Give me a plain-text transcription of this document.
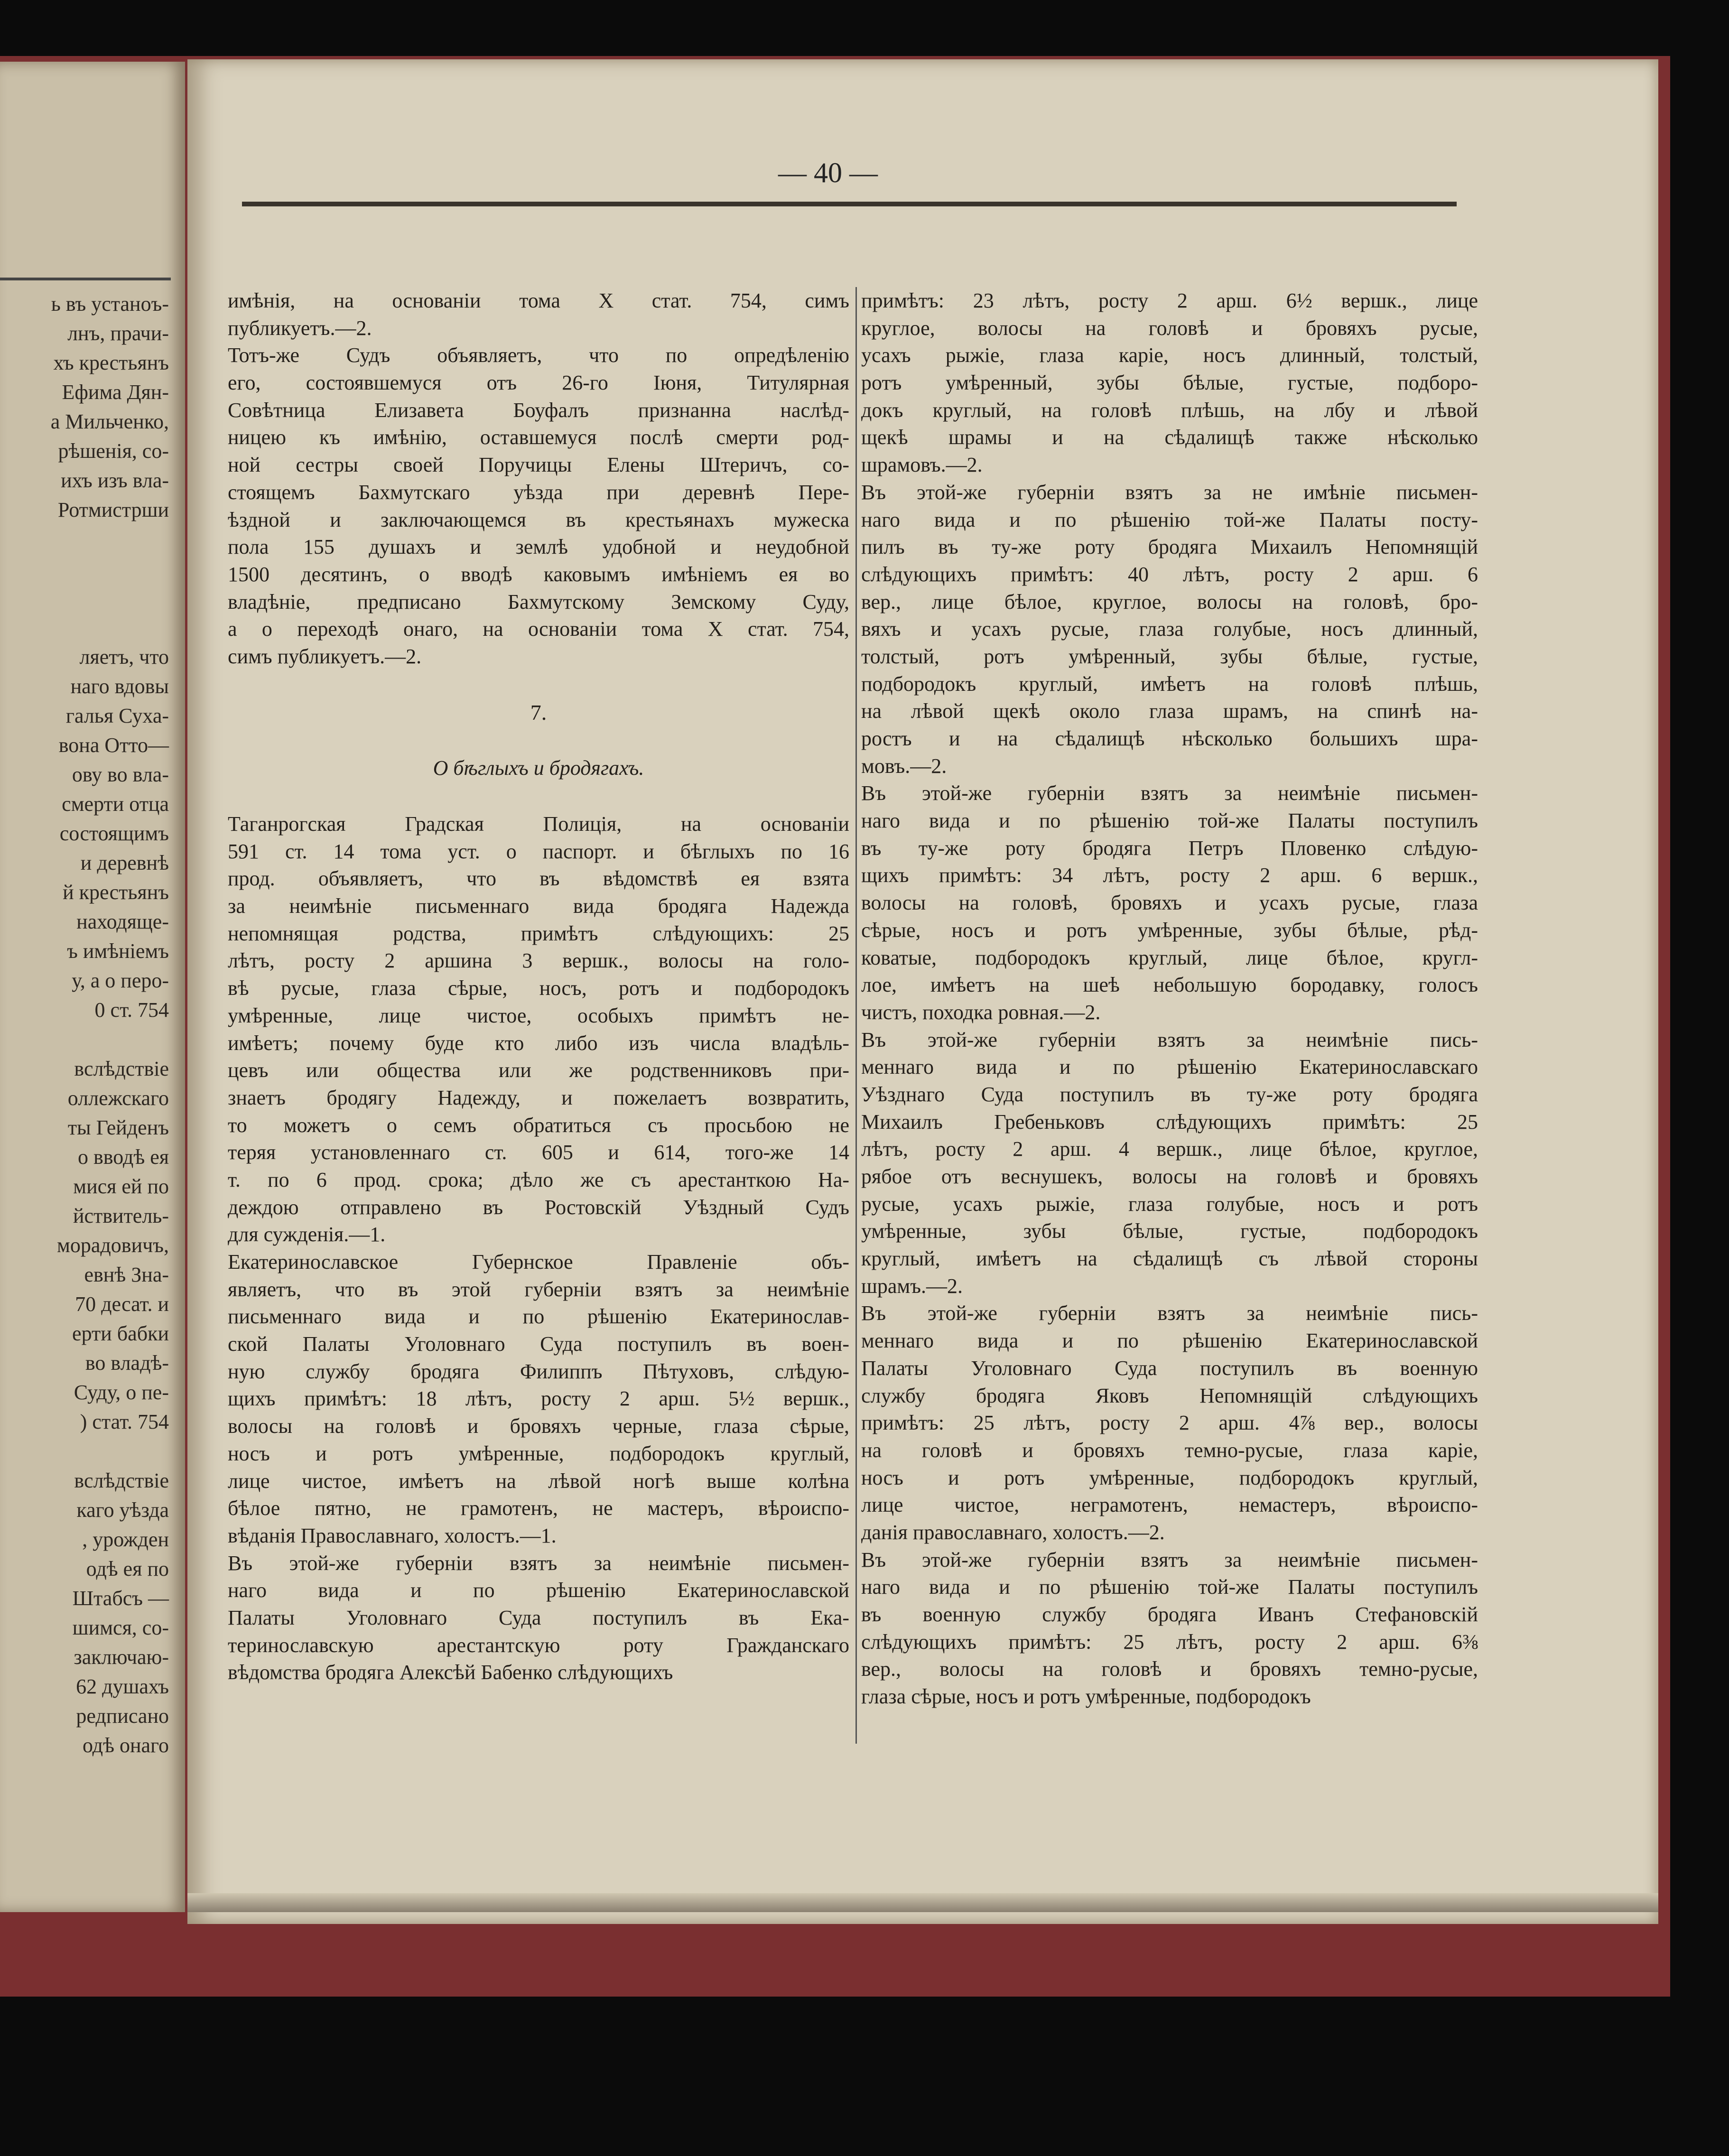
ь въ устаноъ-
лнъ, прачи-
хъ крестьянъ
Ефима Дян-
а Мильченко,
рѣшенія, со-
ихъ изъ вла-
Ротмистрши
ляетъ, что
наго вдовы
галья Суха-
вона Отто—
ову во вла-
смерти отца
состоящимъ
и деревнѣ
й крестьянъ
находяще-
ъ имѣніемъ
у, а о перо-
0 ст. 754
вслѣдствіе
оллежскаго
ты Гейденъ
о вводѣ ея
мися ей по
йствитель-
морадовичъ,
евнѣ Зна-
70 десат. и
ерти бабки
во владѣ-
Суду, о пе-
) стат. 754
вслѣдствіе
каго уѣзда
, урожден
одѣ ея по
Штабсъ —
шимся, со-
заключаю-
62 душахъ
редписано
одѣ онаго
— 40 —
имѣнія, на основаніи тома X стат. 754, симъ
публикуетъ.—2.
Тотъ-же Судъ объявляетъ, что по опредѣленію
его, состоявшемуся отъ 26-го Іюня, Титулярная
Совѣтница Елизавета Боуфалъ признанна наслѣд-
ницею къ имѣнію, оставшемуся послѣ смерти род-
ной сестры своей Поручицы Елены Штеричъ, со-
стоящемъ Бахмутскаго уѣзда при деревнѣ Пере-
ѣздной и заключающемся въ крестьянахъ мужеска
пола 155 душахъ и землѣ удобной и неудобной
1500 десятинъ, о вводѣ каковымъ имѣніемъ ея во
владѣніе, предписано Бахмутскому Земскому Суду,
а о переходѣ онаго, на основаніи тома X стат. 754,
симъ публикуетъ.—2.
7.
О бѣглыхъ и бродягахъ.
Таганрогская Градская Полиція, на основаніи
591 ст. 14 тома уст. о паспорт. и бѣглыхъ по 16
прод. объявляетъ, что въ вѣдомствѣ ея взята
за неимѣніе письменнаго вида бродяга Надежда
непомнящая родства, примѣтъ слѣдующихъ: 25
лѣтъ, росту 2 аршина 3 вершк., волосы на голо-
вѣ русые, глаза сѣрые, носъ, ротъ и подбородокъ
умѣренные, лице чистое, особыхъ примѣтъ не-
имѣетъ; почему буде кто либо изъ числа владѣль-
цевъ или общества или же родственниковъ при-
знаетъ бродягу Надежду, и пожелаетъ возвратить,
то можетъ о семъ обратиться съ просьбою не
теряя установленнаго ст. 605 и 614, того-же 14
т. по 6 прод. срока; дѣло же съ арестанткою На-
деждою отправлено въ Ростовскій Уѣздный Судъ
для сужденія.—1.
Екатеринославское Губернское Правленіе объ-
являетъ, что въ этой губерніи взятъ за неимѣніе
письменнаго вида и по рѣшенію Екатеринослав-
ской Палаты Уголовнаго Суда поступилъ въ воен-
ную службу бродяга Филиппъ Пѣтуховъ, слѣдую-
щихъ примѣтъ: 18 лѣтъ, росту 2 арш. 5½ вершк.,
волосы на головѣ и бровяхъ черные, глаза сѣрые,
носъ и ротъ умѣренные, подбородокъ круглый,
лице чистое, имѣетъ на лѣвой ногѣ выше колѣна
бѣлое пятно, не грамотенъ, не мастеръ, вѣроиспо-
вѣданія Православнаго, холостъ.—1.
Въ этой-же губерніи взятъ за неимѣніе письмен-
наго вида и по рѣшенію Екатеринославской
Палаты Уголовнаго Суда поступилъ въ Ека-
теринославскую арестантскую роту Гражданскаго
вѣдомства бродяга Алексѣй Бабенко слѣдующихъ
примѣтъ: 23 лѣтъ, росту 2 арш. 6½ вершк., лице
круглое, волосы на головѣ и бровяхъ русые,
усахъ рыжіе, глаза каріе, носъ длинный, толстый,
ротъ умѣренный, зубы бѣлые, густые, подборо-
докъ круглый, на головѣ плѣшь, на лбу и лѣвой
щекѣ шрамы и на сѣдалищѣ также нѣсколько
шрамовъ.—2.
Въ этой-же губерніи взятъ за не имѣніе письмен-
наго вида и по рѣшенію той-же Палаты посту-
пилъ въ ту-же роту бродяга Михаилъ Непомнящій
слѣдующихъ примѣтъ: 40 лѣтъ, росту 2 арш. 6
вер., лице бѣлое, круглое, волосы на головѣ, бро-
вяхъ и усахъ русые, глаза голубые, носъ длинный,
толстый, ротъ умѣренный, зубы бѣлые, густые,
подбородокъ круглый, имѣетъ на головѣ плѣшь,
на лѣвой щекѣ около глаза шрамъ, на спинѣ на-
ростъ и на сѣдалищѣ нѣсколько большихъ шра-
мовъ.—2.
Въ этой-же губерніи взятъ за неимѣніе письмен-
наго вида и по рѣшенію той-же Палаты поступилъ
въ ту-же роту бродяга Петръ Пловенко слѣдую-
щихъ примѣтъ: 34 лѣтъ, росту 2 арш. 6 вершк.,
волосы на головѣ, бровяхъ и усахъ русые, глаза
сѣрые, носъ и ротъ умѣренные, зубы бѣлые, рѣд-
коватые, подбородокъ круглый, лице бѣлое, кругл-
лое, имѣетъ на шеѣ небольшую бородавку, голосъ
чистъ, походка ровная.—2.
Въ этой-же губерніи взятъ за неимѣніе пись-
меннаго вида и по рѣшенію Екатеринославскаго
Уѣзднаго Суда поступилъ въ ту-же роту бродяга
Михаилъ Гребеньковъ слѣдующихъ примѣтъ: 25
лѣтъ, росту 2 арш. 4 вершк., лице бѣлое, круглое,
рябое отъ веснушекъ, волосы на головѣ и бровяхъ
русые, усахъ рыжіе, глаза голубые, носъ и ротъ
умѣренные, зубы бѣлые, густые, подбородокъ
круглый, имѣетъ на сѣдалищѣ съ лѣвой стороны
шрамъ.—2.
Въ этой-же губерніи взятъ за неимѣніе пись-
меннаго вида и по рѣшенію Екатеринославской
Палаты Уголовнаго Суда поступилъ въ военную
службу бродяга Яковъ Непомнящій слѣдующихъ
примѣтъ: 25 лѣтъ, росту 2 арш. 4⅞ вер., волосы
на головѣ и бровяхъ темно-русые, глаза каріе,
носъ и ротъ умѣренные, подбородокъ круглый,
лице чистое, неграмотенъ, немастеръ, вѣроиспо-
данія православнаго, холостъ.—2.
Въ этой-же губерніи взятъ за неимѣніе письмен-
наго вида и по рѣшенію той-же Палаты поступилъ
въ военную службу бродяга Иванъ Стефановскій
слѣдующихъ примѣтъ: 25 лѣтъ, росту 2 арш. 6⅜
вер., волосы на головѣ и бровяхъ темно-русые,
глаза сѣрые, носъ и ротъ умѣренные, подбородокъ
